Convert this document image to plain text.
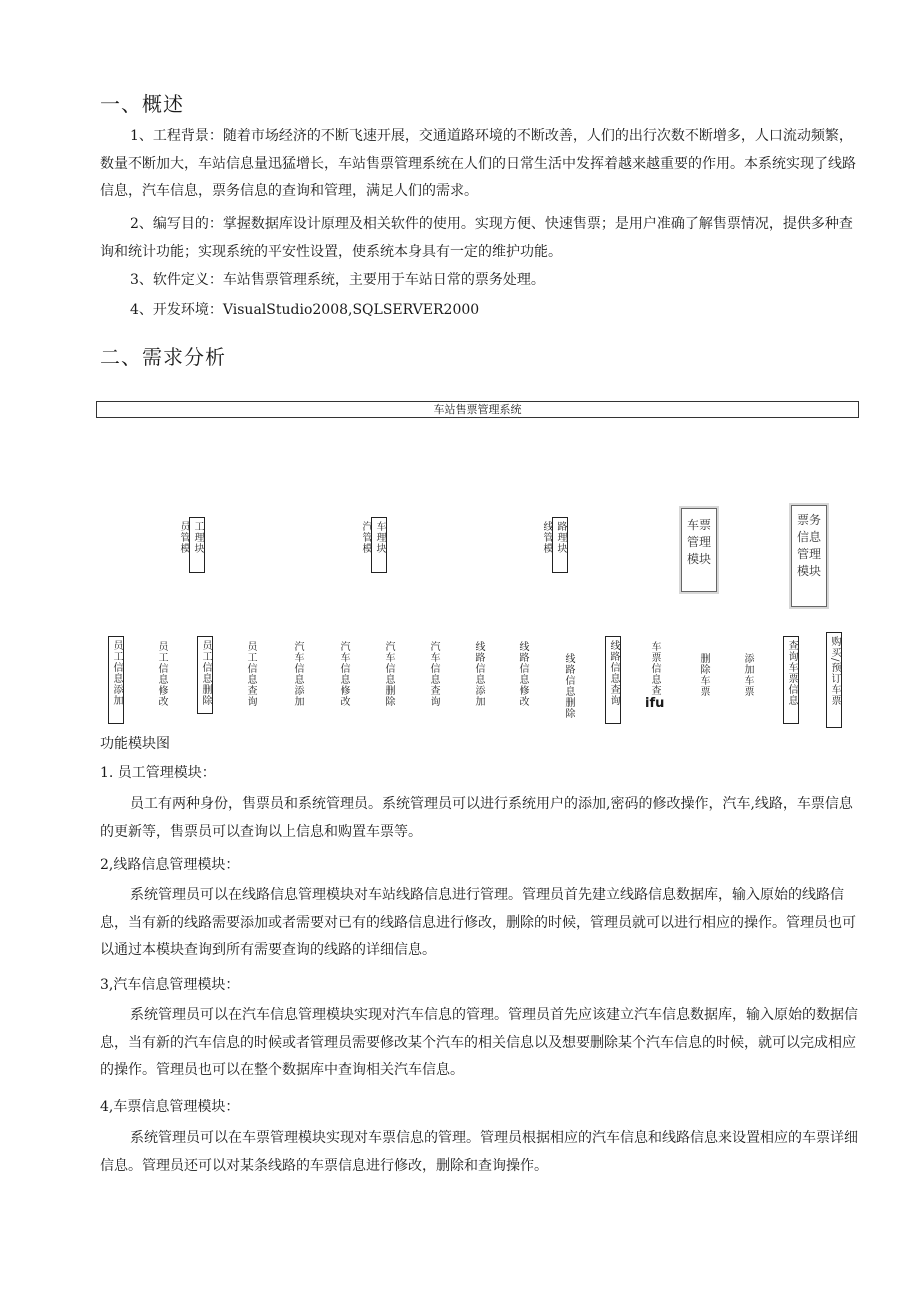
一、概述
1、工程背景：随着市场经济的不断飞速开展，交通道路环境的不断改善，人们的出行次数不断增多，人口流动频繁，数量不断加大，车站信息量迅猛增长，车站售票管理系统在人们的日常生活中发挥着越来越重要的作用。本系统实现了线路信息，汽车信息，票务信息的查询和管理，满足人们的需求。
2、编写目的：掌握数据库设计原理及相关软件的使用。实现方便、快速售票；是用户准确了解售票情况，提供多种查询和统计功能；实现系统的平安性设置，使系统本身具有一定的维护功能。
3、软件定义：车站售票管理系统，主要用于车站日常的票务处理。
4、开发环境：VisualStudio2008,SQLSERVER2000
二、需求分析
车站售票管理系统
员管模 工理块	汽管模 车理块	线管模 路理块	车票管理模块
票务信息管理模块
员工信息添加	员工信息修改	员工信息删除	员工信息查询	汽车信息添加	汽车信息修改	汽车信息删除	汽车信息查询	线路信息添加	线路信息修改	线路信息删除	线路信息查询	车票信息查
ifu
删除车票	添加车票	查询车票信息	购买/预订车票
功能模块图
1. 员工管理模块：
员工有两种身份，售票员和系统管理员。系统管理员可以进行系统用户的添加,密码的修改操作，汽车,线路，车票信息的更新等，售票员可以查询以上信息和购置车票等。
2,线路信息管理模块：
系统管理员可以在线路信息管理模块对车站线路信息进行管理。管理员首先建立线路信息数据库，输入原始的线路信息，当有新的线路需要添加或者需要对已有的线路信息进行修改，删除的时候，管理员就可以进行相应的操作。管理员也可以通过本模块查询到所有需要查询的线路的详细信息。
3,汽车信息管理模块：
系统管理员可以在汽车信息管理模块实现对汽车信息的管理。管理员首先应该建立汽车信息数据库，输入原始的数据信息，当有新的汽车信息的时候或者管理员需要修改某个汽车的相关信息以及想要删除某个汽车信息的时候，就可以完成相应的操作。管理员也可以在整个数据库中查询相关汽车信息。
4,车票信息管理模块：
系统管理员可以在车票管理模块实现对车票信息的管理。管理员根据相应的汽车信息和线路信息来设置相应的车票详细信息。管理员还可以对某条线路的车票信息进行修改，删除和查询操作。
